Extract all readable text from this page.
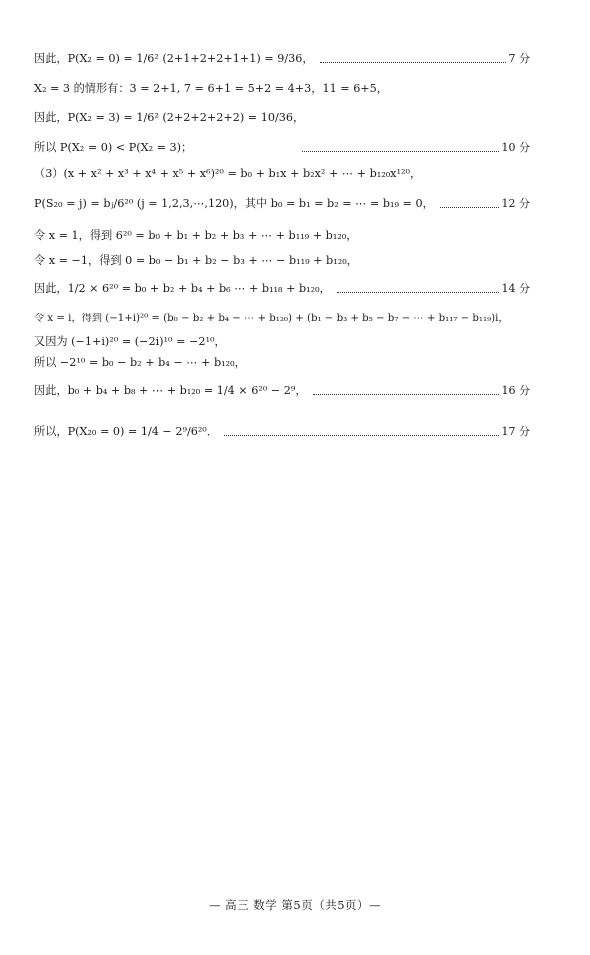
因此，P(X₂ = 0) = 1/6² (2+1+2+2+1+1) = 9/36，	7 分
X₂ = 3 的情形有：3 = 2+1, 7 = 6+1 = 5+2 = 4+3，11 = 6+5，
因此，P(X₂ = 3) = 1/6² (2+2+2+2+2) = 10/36，
所以 P(X₂ = 0) < P(X₂ = 3)；	10 分
（3）(x + x² + x³ + x⁴ + x⁵ + x⁶)²⁰ = b₀ + b₁x + b₂x² + ⋯ + b₁₂₀x¹²⁰，
P(S₂₀ = j) = bⱼ/6²⁰ (j = 1,2,3,⋯,120)，其中 b₀ = b₁ = b₂ = ⋯ = b₁₉ = 0，	12 分
令 x = 1，得到 6²⁰ = b₀ + b₁ + b₂ + b₃ + ⋯ + b₁₁₉ + b₁₂₀，
令 x = −1，得到 0 = b₀ − b₁ + b₂ − b₃ + ⋯ − b₁₁₉ + b₁₂₀，
因此，1/2 × 6²⁰ = b₀ + b₂ + b₄ + b₆ ⋯ + b₁₁₈ + b₁₂₀，	14 分
令 x = i，得到 (−1+i)²⁰ = (b₀ − b₂ + b₄ − ⋯ + b₁₂₀) + (b₁ − b₃ + b₅ − b₇ − ⋯ + b₁₁₇ − b₁₁₉)i，
又因为 (−1+i)²⁰ = (−2i)¹⁰ = −2¹⁰，
所以 −2¹⁰ = b₀ − b₂ + b₄ − ⋯ + b₁₂₀，
因此，b₀ + b₄ + b₈ + ⋯ + b₁₂₀ = 1/4 × 6²⁰ − 2⁹，	16 分
所以，P(X₂₀ = 0) = 1/4 − 2⁹/6²⁰．	17 分
— 高三 数学 第5页（共5页）—
